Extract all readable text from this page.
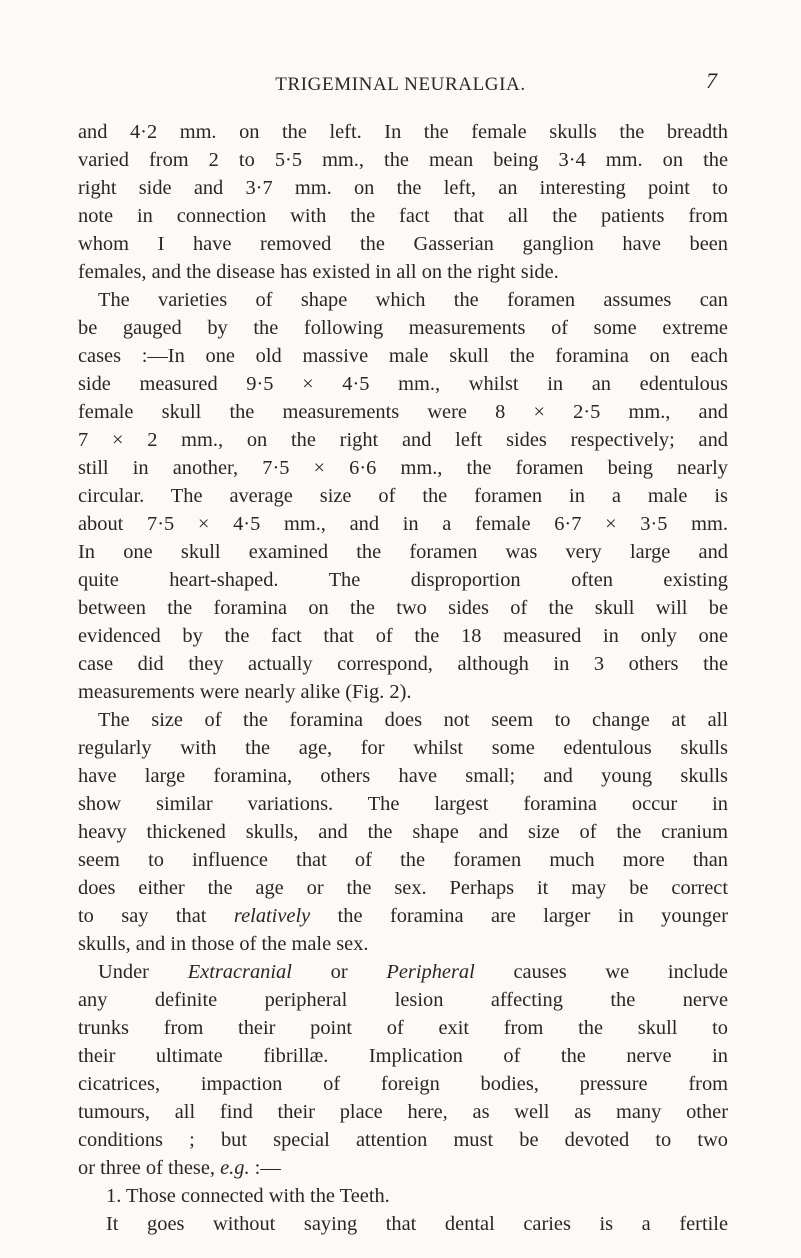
TRIGEMINAL NEURALGIA.	7
and 4·2 mm. on the left. In the female skulls the breadth
varied from 2 to 5·5 mm., the mean being 3·4 mm. on the
right side and 3·7 mm. on the left, an interesting point to
note in connection with the fact that all the patients from
whom I have removed the Gasserian ganglion have been
females, and the disease has existed in all on the right side.
The varieties of shape which the foramen assumes can
be gauged by the following measurements of some extreme
cases :—In one old massive male skull the foramina on each
side measured 9·5 × 4·5 mm., whilst in an edentulous
female skull the measurements were 8 × 2·5 mm., and
7 × 2 mm., on the right and left sides respectively; and
still in another, 7·5 × 6·6 mm., the foramen being nearly
circular. The average size of the foramen in a male is
about 7·5 × 4·5 mm., and in a female 6·7 × 3·5 mm.
In one skull examined the foramen was very large and
quite heart-shaped. The disproportion often existing
between the foramina on the two sides of the skull will be
evidenced by the fact that of the 18 measured in only one
case did they actually correspond, although in 3 others the
measurements were nearly alike (Fig. 2).
The size of the foramina does not seem to change at all
regularly with the age, for whilst some edentulous skulls
have large foramina, others have small; and young skulls
show similar variations. The largest foramina occur in
heavy thickened skulls, and the shape and size of the cranium
seem to influence that of the foramen much more than
does either the age or the sex. Perhaps it may be correct
to say that relatively the foramina are larger in younger
skulls, and in those of the male sex.
Under Extracranial or Peripheral causes we include
any definite peripheral lesion affecting the nerve
trunks from their point of exit from the skull to
their ultimate fibrillæ. Implication of the nerve in
cicatrices, impaction of foreign bodies, pressure from
tumours, all find their place here, as well as many other
conditions ; but special attention must be devoted to two
or three of these, e.g. :—
1. Those connected with the Teeth.
It goes without saying that dental caries is a fertile
